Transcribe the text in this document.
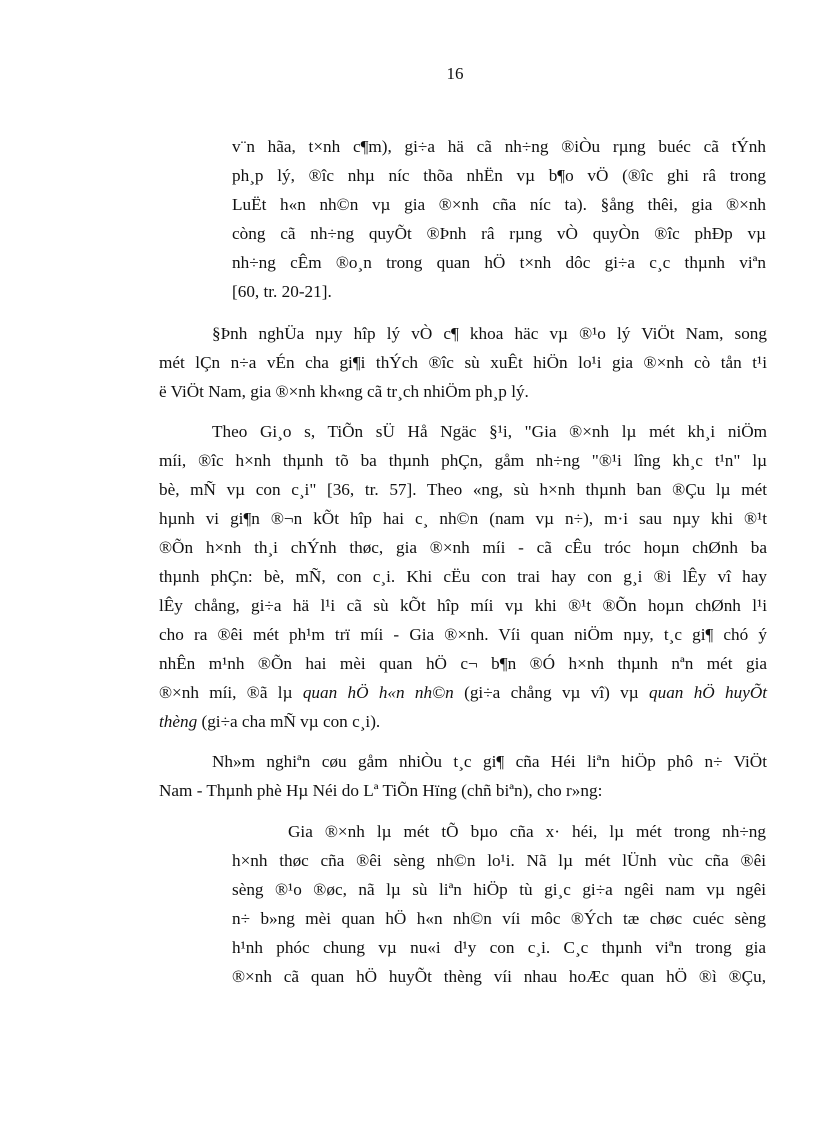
16
v¨n hãa, t×nh c¶m), gi÷a hä cã nh÷ng ®iÒu rµng buéc cã tÝnh
ph¸p lý, ®îc nhµ níc thõa nhËn vµ b¶o vÖ (®îc ghi râ trong
LuËt h«n nh©n vµ gia ®×nh cña níc ta). §ång thêi, gia ®×nh
còng cã nh÷ng quyÕt ®Þnh râ rµng vÒ quyÒn ®îc phÐp vµ
nh÷ng cÊm ®o¸n trong quan hÖ t×nh dôc gi÷a c¸c thµnh viªn
[60, tr. 20-21].
§Þnh nghÜa nµy hîp lý vÒ c¶ khoa häc vµ ®¹o lý ViÖt Nam, song
mét lÇn n÷a vÉn cha gi¶i thÝch ®îc sù xuÊt hiÖn lo¹i gia ®×nh cò tån t¹i
ë ViÖt Nam, gia ®×nh kh«ng cã tr¸ch nhiÖm ph¸p lý.
Theo Gi¸o s, TiÕn sÜ Hå Ngäc §¹i, "Gia ®×nh lµ mét kh¸i niÖm
míi, ®îc h×nh thµnh tõ ba thµnh phÇn, gåm nh÷ng "®¹i lîng kh¸c t¹n" lµ
bè, mÑ vµ con c¸i" [36, tr. 57]. Theo «ng, sù h×nh thµnh ban ®Çu lµ mét
hµnh vi gi¶n ®¬n kÕt hîp hai c¸ nh©n (nam vµ n÷), m·i sau nµy khi ®¹t
®Õn h×nh th¸i chÝnh thøc, gia ®×nh míi - cã cÊu tróc hoµn chØnh ba
thµnh phÇn: bè, mÑ, con c¸i. Khi cËu con trai hay con g¸i ®i lÊy vî hay
lÊy chång, gi÷a hä l¹i cã sù kÕt hîp míi vµ khi ®¹t ®Õn hoµn chØnh l¹i
cho ra ®êi mét ph¹m trï míi - Gia ®×nh. Víi quan niÖm nµy, t¸c gi¶ chó ý
nhÊn m¹nh ®Õn hai mèi quan hÖ c¬ b¶n ®Ó h×nh thµnh nªn mét gia
®×nh míi, ®ã lµ quan hÖ h«n nh©n (gi÷a chång vµ vî) vµ quan hÖ huyÕt
thèng (gi÷a cha mÑ vµ con c¸i).
Nh»m nghiªn cøu gåm nhiÒu t¸c gi¶ cña Héi liªn hiÖp phô n÷ ViÖt
Nam - Thµnh phè Hµ Néi do Lª TiÕn Hïng (chñ biªn), cho r»ng:
Gia ®×nh lµ mét tÕ bµo cña x· héi, lµ mét trong nh÷ng
h×nh thøc cña ®êi sèng nh©n lo¹i. Nã lµ mét lÜnh vùc cña ®êi
sèng ®¹o ®øc, nã lµ sù liªn hiÖp tù gi¸c gi÷a ngêi nam vµ ngêi
n÷ b»ng mèi quan hÖ h«n nh©n víi môc ®Ých tæ chøc cuéc sèng
h¹nh phóc chung vµ nu«i d¹y con c¸i. C¸c thµnh viªn trong gia
®×nh cã quan hÖ huyÕt thèng víi nhau hoÆc quan hÖ ®ì ®Çu,
